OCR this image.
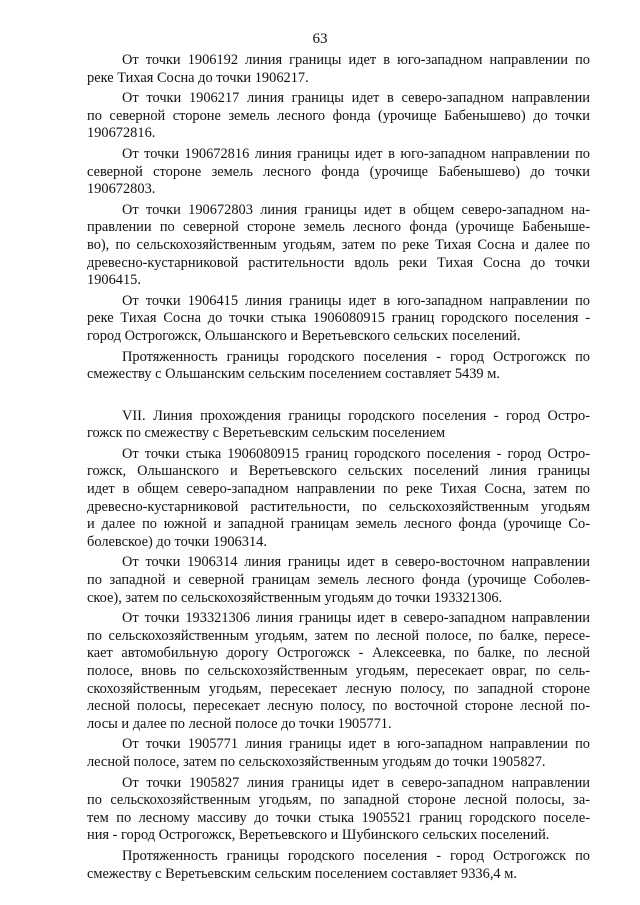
63
От точки 1906192 линия границы идет в юго-западном направлении по
реке Тихая Сосна до точки 1906217.
От точки 1906217 линия границы идет в северо-западном направлении
по северной стороне земель лесного фонда (урочище Бабенышево) до точки
190672816.
От точки 190672816 линия границы идет в юго-западном направлении по
северной стороне земель лесного фонда (урочище Бабенышево) до точки
190672803.
От точки 190672803 линия границы идет в общем северо-западном на-
правлении по северной стороне земель лесного фонда (урочище Бабеныше-
во), по сельскохозяйственным угодьям, затем по реке Тихая Сосна и далее по
древесно-кустарниковой растительности вдоль реки Тихая Сосна до точки
1906415.
От точки 1906415 линия границы идет в юго-западном направлении по
реке Тихая Сосна до точки стыка 1906080915 границ городского поселения -
город Острогожск, Ольшанского и Веретьевского сельских поселений.
Протяженность границы городского поселения - город Острогожск по
смежеству с Ольшанским сельским поселением составляет 5439 м.
VII. Линия прохождения границы городского поселения - город Остро-
гожск по смежеству с Веретьевским сельским поселением
От точки стыка 1906080915 границ городского поселения - город Остро-
гожск, Ольшанского и Веретьевского сельских поселений линия границы
идет в общем северо-западном направлении по реке Тихая Сосна, затем по
древесно-кустарниковой растительности, по сельскохозяйственным угодьям
и далее по южной и западной границам земель лесного фонда (урочище Со-
болевское) до точки 1906314.
От точки 1906314 линия границы идет в северо-восточном направлении
по западной и северной границам земель лесного фонда (урочище Соболев-
ское), затем по сельскохозяйственным угодьям до точки 193321306.
От точки 193321306 линия границы идет в северо-западном направлении
по сельскохозяйственным угодьям, затем по лесной полосе, по балке, пересе-
кает автомобильную дорогу Острогожск - Алексеевка, по балке, по лесной
полосе, вновь по сельскохозяйственным угодьям, пересекает овраг, по сель-
скохозяйственным угодьям, пересекает лесную полосу, по западной стороне
лесной полосы, пересекает лесную полосу, по восточной стороне лесной по-
лосы и далее по лесной полосе до точки 1905771.
От точки 1905771 линия границы идет в юго-западном направлении по
лесной полосе, затем по сельскохозяйственным угодьям до точки 1905827.
От точки 1905827 линия границы идет в северо-западном направлении
по сельскохозяйственным угодьям, по западной стороне лесной полосы, за-
тем по лесному массиву до точки стыка 1905521 границ городского поселе-
ния - город Острогожск, Веретьевского и Шубинского сельских поселений.
Протяженность границы городского поселения - город Острогожск по
смежеству с Веретьевским сельским поселением составляет 9336,4 м.
